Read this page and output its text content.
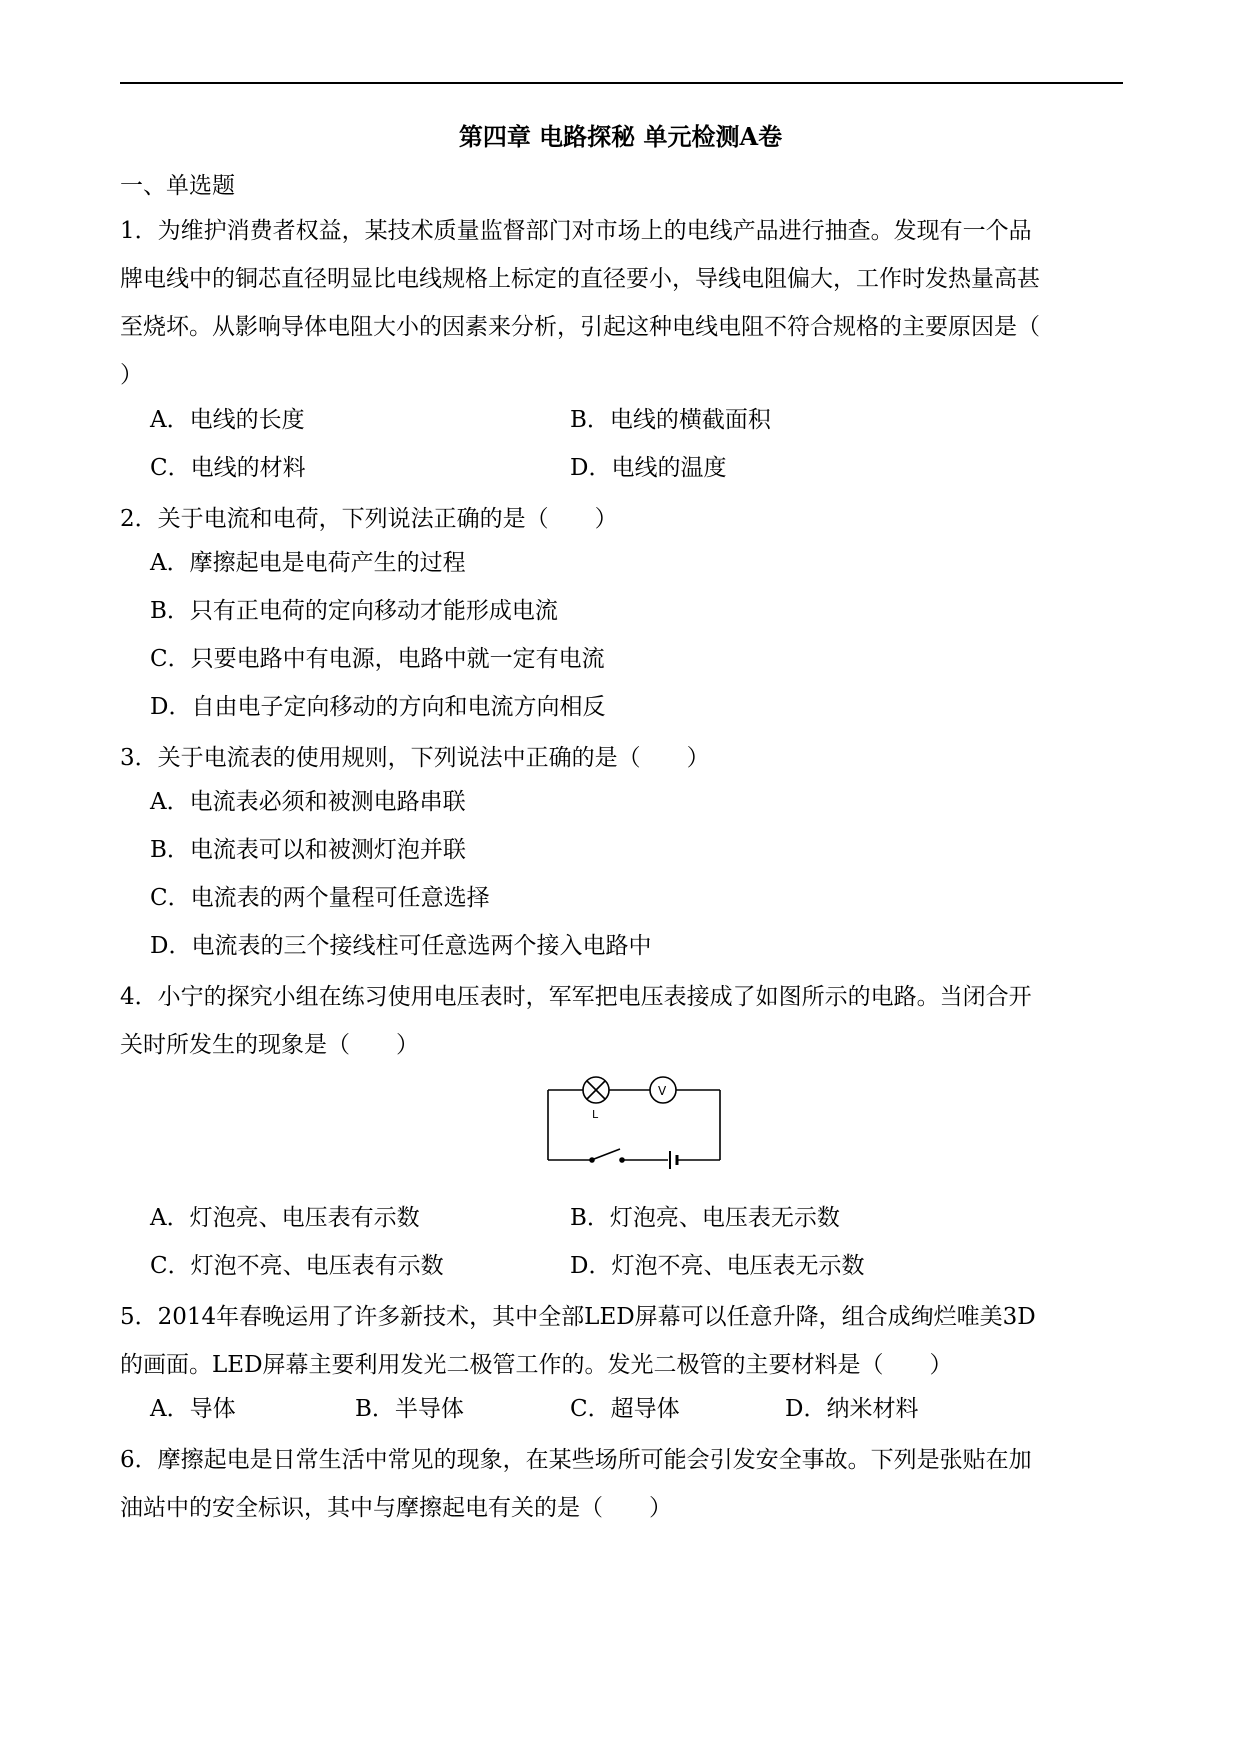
第四章 电路探秘 单元检测A卷
一、单选题

1．为维护消费者权益，某技术质量监督部门对市场上的电线产品进行抽查。发现有一个品

牌电线中的铜芯直径明显比电线规格上标定的直径要小，导线电阻偏大，工作时发热量高甚

至烧坏。从影响导体电阻大小的因素来分析，引起这种电线电阻不符合规格的主要原因是（

）

A．电线的长度	B．电线的横截面积
C．电线的材料	D．电线的温度

2．关于电流和电荷，下列说法正确的是（　　）

A．摩擦起电是电荷产生的过程
B．只有正电荷的定向移动才能形成电流
C．只要电路中有电源，电路中就一定有电流
D．自由电子定向移动的方向和电流方向相反

3．关于电流表的使用规则，下列说法中正确的是（　　）

A．电流表必须和被测电路串联
B．电流表可以和被测灯泡并联
C．电流表的两个量程可任意选择
D．电流表的三个接线柱可任意选两个接入电路中

4．小宁的探究小组在练习使用电压表时，军军把电压表接成了如图所示的电路。当闭合开

关时所发生的现象是（　　）

L
V
A．灯泡亮、电压表有示数	B．灯泡亮、电压表无示数
C．灯泡不亮、电压表有示数	D．灯泡不亮、电压表无示数

5．2014年春晚运用了许多新技术，其中全部LED屏幕可以任意升降，组合成绚烂唯美3D

的画面。LED屏幕主要利用发光二极管工作的。发光二极管的主要材料是（　　）

A．导体	B．半导体	C．超导体	D．纳米材料

6．摩擦起电是日常生活中常见的现象，在某些场所可能会引发安全事故。下列是张贴在加

油站中的安全标识，其中与摩擦起电有关的是（　　）
